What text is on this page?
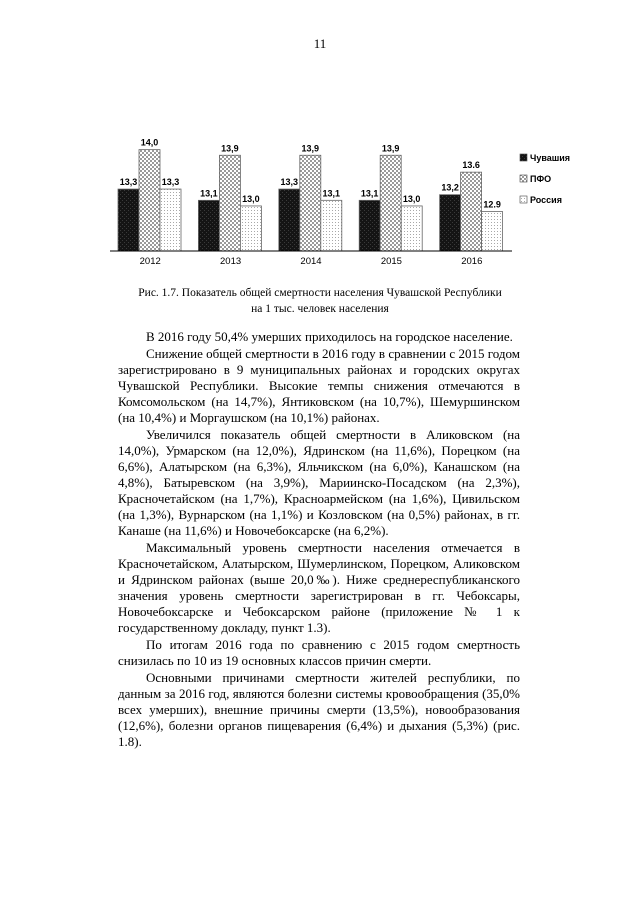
11
13,3
14,0
13,3
13,1
13,9
13,0
13,3
13,9
13,1 13,1
13,9
13,0
13,2
13.6
12.9
2012	2013	2014	2015	2016
Чувашия
ПФО
Россия
Рис. 1.7. Показатель общей смертности населения Чувашской Республики
на 1 тыс. человек населения

В 2016 году 50,4% умерших приходилось на городское население.

Снижение общей смертности в 2016 году в сравнении с 2015 годом зарегистрировано в 9 муниципальных районах и городских округах Чувашской Республики. Высокие темпы снижения отмечаются в Комсомольском (на 14,7%), Янтиковском (на 10,7%), Шемуршинском (на 10,4%) и Моргаушском (на 10,1%) районах.

Увеличился показатель общей смертности в Аликовском (на 14,0%), Урмарском (на 12,0%), Ядринском (на 11,6%), Порецком (на 6,6%), Алатырском (на 6,3%), Яльчикском (на 6,0%), Канашском (на 4,8%), Батыревском (на 3,9%), Мариинско-Посадском (на 2,3%), Красночетайском (на 1,7%), Красноармейском (на 1,6%), Цивильском (на 1,3%), Вурнарском (на 1,1%) и Козловском (на 0,5%) районах, в гг. Канаше (на 11,6%) и Новочебоксарске (на 6,2%).

Максимальный уровень смертности населения отмечается в Красночетайском, Алатырском, Шумерлинском, Порецком, Аликовском и Ядринском районах (выше 20,0‰). Ниже среднереспубликанского значения уровень смертности зарегистрирован в гг. Чебоксары, Новочебоксарске и Чебоксарском районе (приложение № 1 к государственному докладу, пункт 1.3).

По итогам 2016 года по сравнению с 2015 годом смертность снизилась по 10 из 19 основных классов причин смерти.

Основными причинами смертности жителей республики, по данным за 2016 год, являются болезни системы кровообращения (35,0% всех умерших), внешние причины смерти (13,5%), новообразования (12,6%), болезни органов пищеварения (6,4%) и дыхания (5,3%) (рис. 1.8).
